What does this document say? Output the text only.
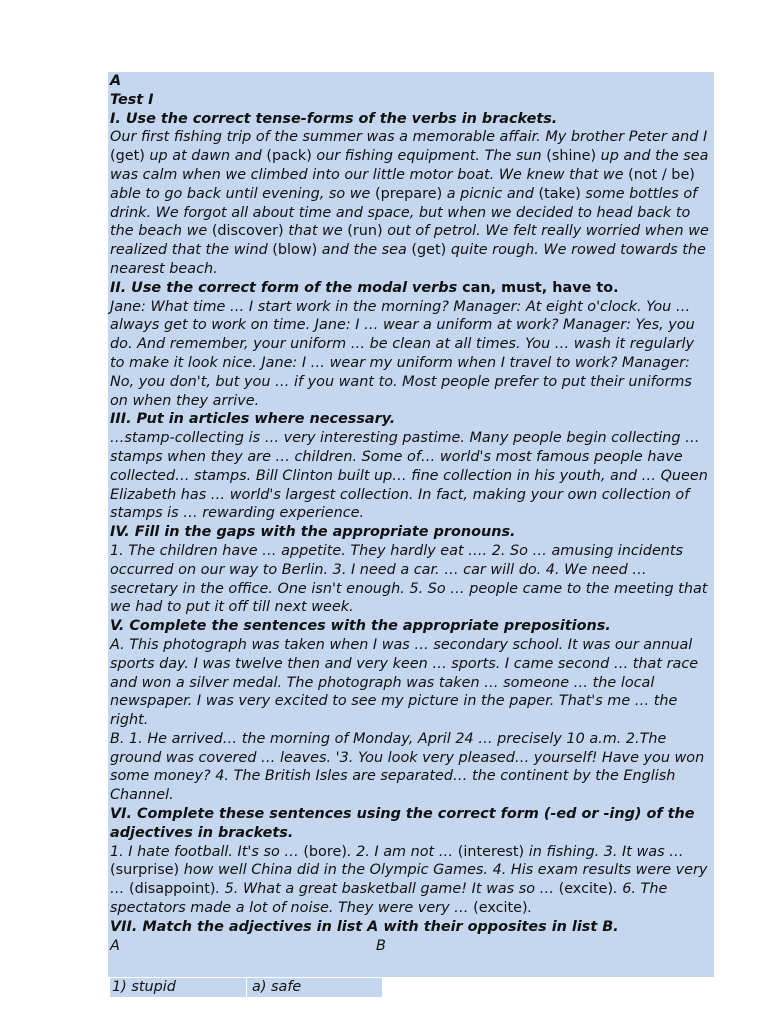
A

Test I

I. Use the correct tense-forms of the verbs in brackets.

Our first fishing trip of the summer was a memorable affair. My brother Peter and I (get) up at dawn and (pack) our fishing equipment. The sun (shine) up and the sea was calm when we climbed into our little motor boat. We knew that we (not / be) able to go back until evening, so we (prepare) a picnic and (take) some bottles of drink. We forgot all about time and space, but when we decided to head back to the beach we (discover) that we (run) out of petrol. We felt really worried when we realized that the wind (blow) and the sea (get) quite rough. We rowed towards the nearest beach.

II. Use the correct form of the modal verbs can, must, have to.

Jane: What time … I start work in the morning? Manager: At eight o'clock. You … always get to work on time. Jane: I … wear a uniform at work? Manager: Yes, you do. And remember, your uniform … be clean at all times. You … wash it regularly to make it look nice. Jane: I … wear my uniform when I travel to work? Manager: No, you don't, but you … if you want to. Most people prefer to put their uniforms on when they arrive.

III. Put in articles where necessary.

…stamp-collecting is … very interesting pastime. Many people begin collecting … stamps when they are … children. Some of… world's most famous people have collected… stamps. Bill Clinton built up… fine collection in his youth, and … Queen Elizabeth has … world's largest collection. In fact, making your own collection of stamps is … rewarding experience.

IV. Fill in the gaps with the appropriate pronouns.

1. The children have … appetite. They hardly eat …. 2. So … amusing incidents occurred on our way to Berlin. 3. I need a car. … car will do. 4. We need … secretary in the office. One isn't enough. 5. So … people came to the meeting that we had to put it off till next week.

V. Complete the sentences with the appropriate prepositions.

A. This photograph was taken when I was … secondary school. It was our annual sports day. I was twelve then and very keen … sports. I came second … that race and won a silver medal. The photograph was taken … someone … the local newspaper. I was very excited to see my picture in the paper. That's me … the right.

B. 1. He arrived… the morning of Monday, April 24 … precisely 10 a.m. 2.The ground was covered … leaves. '3. You look very pleased… yourself! Have you won some money? 4. The British Isles are separated… the continent by the English Channel.

VI. Complete these sentences using the correct form (-ed or -ing) of the adjectives in brackets.

1. I hate football. It's so … (bore). 2. I am not … (interest) in fishing. 3. It was … (surprise) how well China did in the Olympic Games. 4. His exam results were very … (disappoint). 5. What a great basketball game! It was so … (excite). 6. The spectators made a lot of noise. They were very … (excite).

VII. Match the adjectives in list A with their opposites in list B.

A	B

1) stupid	a) safe
